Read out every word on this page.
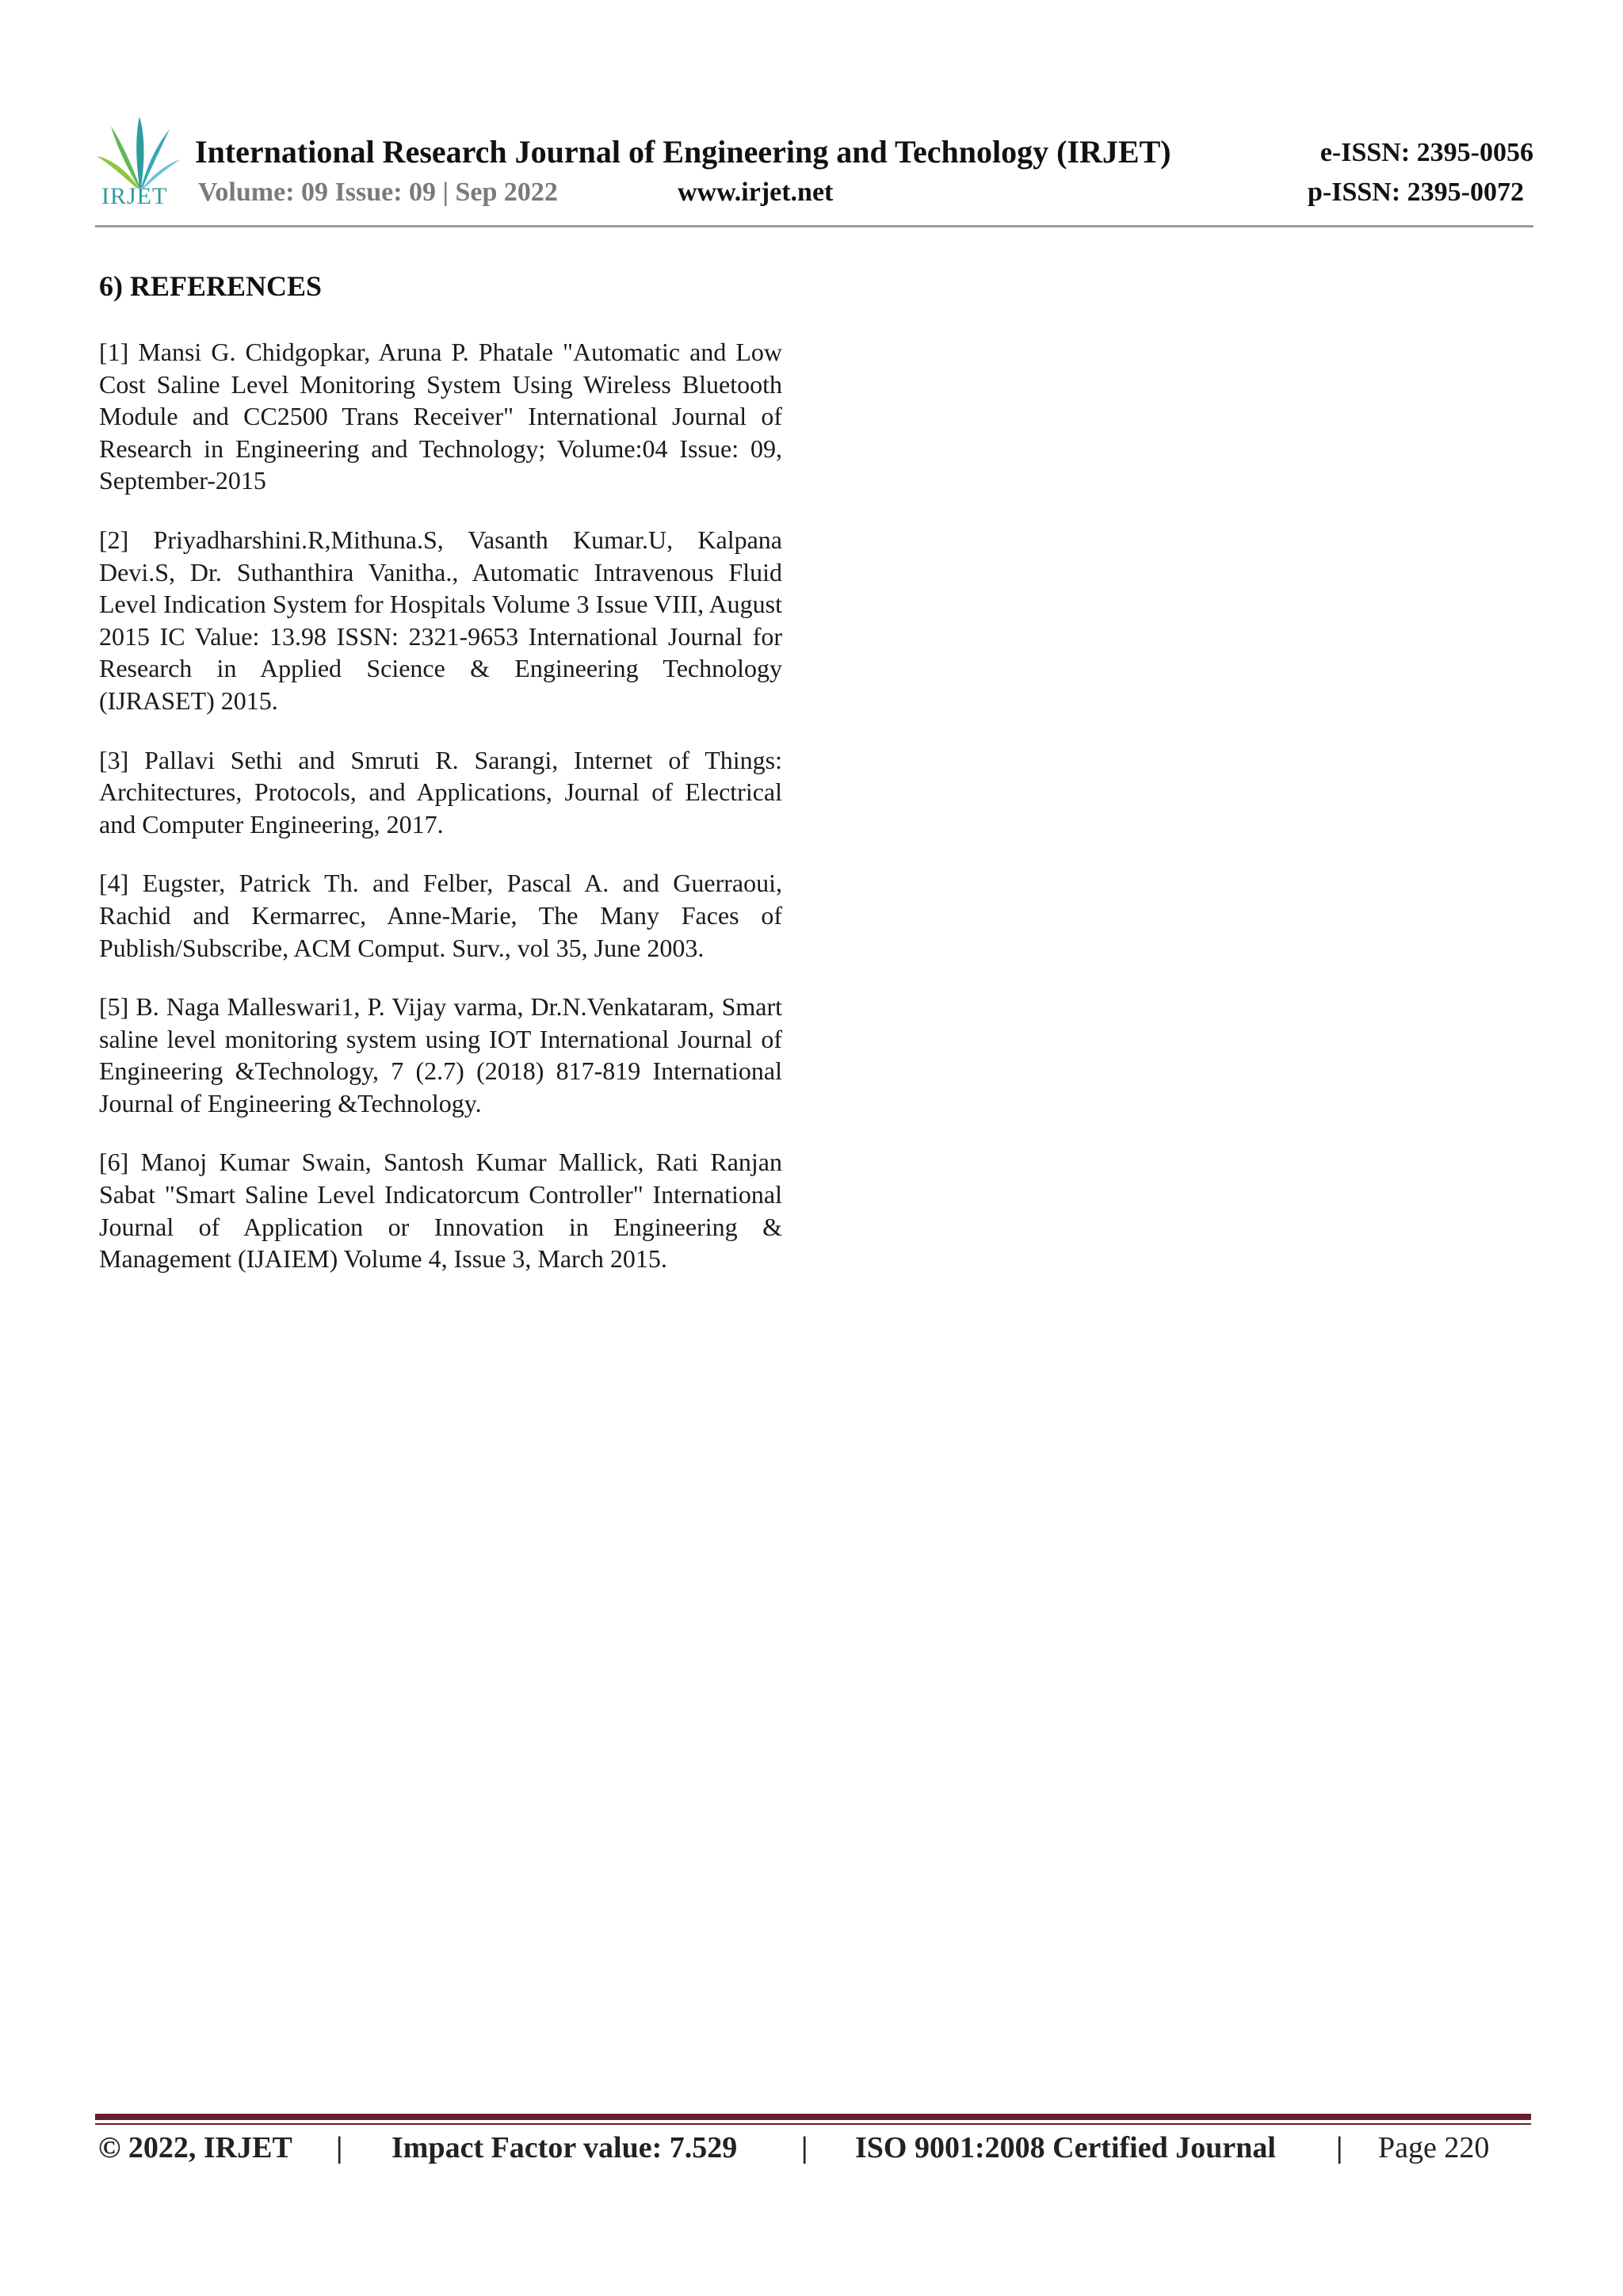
IRJET
International Research Journal of Engineering and Technology (IRJET)	e-ISSN: 2395-0056
Volume: 09 Issue: 09 | Sep 2022	www.irjet.net	p-ISSN: 2395-0072
6) REFERENCES
[1] Mansi G. Chidgopkar, Aruna P. Phatale "Automatic and Low Cost Saline Level Monitoring System Using Wireless Bluetooth Module and CC2500 Trans Receiver" International Journal of Research in Engineering and Technology; Volume:04 Issue: 09, September-2015
[2] Priyadharshini.R,Mithuna.S, Vasanth Kumar.U, Kalpana Devi.S, Dr. Suthanthira Vanitha., Automatic Intravenous Fluid Level Indication System for Hospitals Volume 3 Issue VIII, August 2015 IC Value: 13.98 ISSN: 2321-9653 International Journal for Research in Applied Science & Engineering Technology (IJRASET) 2015.
[3] Pallavi Sethi and Smruti R. Sarangi, Internet of Things: Architectures, Protocols, and Applications, Journal of Electrical and Computer Engineering, 2017.
[4] Eugster, Patrick Th. and Felber, Pascal A. and Guerraoui, Rachid and Kermarrec, Anne-Marie, The Many Faces of Publish/Subscribe, ACM Comput. Surv., vol 35, June 2003.
[5] B. Naga Malleswari1, P. Vijay varma, Dr.N.Venkataram, Smart saline level monitoring system using IOT International Journal of Engineering &Technology, 7 (2.7) (2018) 817-819 International Journal of Engineering &Technology.
[6] Manoj Kumar Swain, Santosh Kumar Mallick, Rati Ranjan Sabat "Smart Saline Level Indicatorcum Controller" International Journal of Application or Innovation in Engineering & Management (IJAIEM) Volume 4, Issue 3, March 2015.
© 2022, IRJET | Impact Factor value: 7.529 | ISO 9001:2008 Certified Journal | Page 220
